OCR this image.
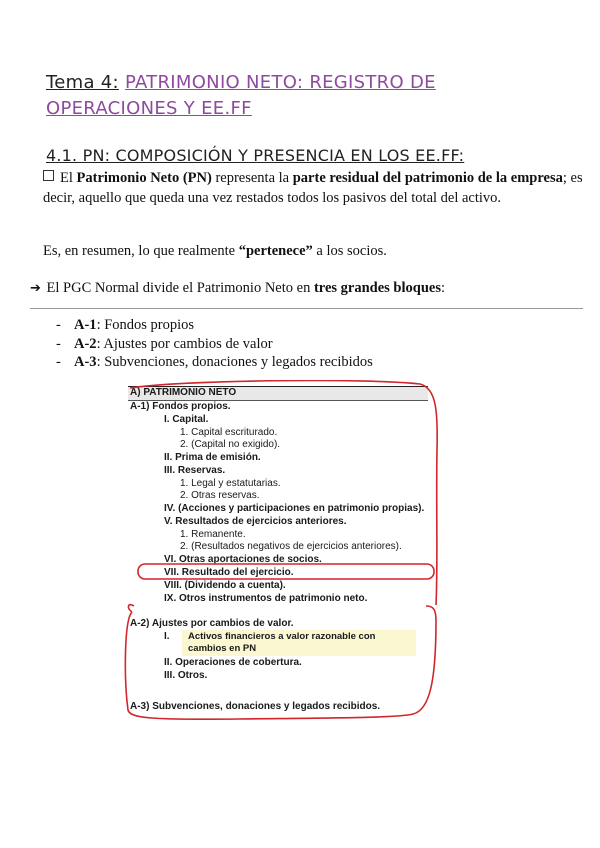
Tema 4: PATRIMONIO NETO: REGISTRO DE
OPERACIONES Y EE.FF
4.1. PN: COMPOSICIÓN Y PRESENCIA EN LOS EE.FF:
El Patrimonio Neto (PN) representa la parte residual del patrimonio de la empresa; es decir, aquello que queda una vez restados todos los pasivos del total del activo.
Es, en resumen, lo que realmente “pertenece” a los socios.
➔ El PGC Normal divide el Patrimonio Neto en tres grandes bloques:
- A-1: Fondos propios
- A-2: Ajustes por cambios de valor
- A-3: Subvenciones, donaciones y legados recibidos
A) PATRIMONIO NETO
A-1) Fondos propios.
I. Capital.
1. Capital escriturado.
2. (Capital no exigido).
II. Prima de emisión.
III. Reservas.
1. Legal y estatutarias.
2. Otras reservas.
IV. (Acciones y participaciones en patrimonio propias).
V. Resultados de ejercicios anteriores.
1. Remanente.
2. (Resultados negativos de ejercicios anteriores).
VI. Otras aportaciones de socios.
VII. Resultado del ejercicio.
VIII. (Dividendo a cuenta).
IX. Otros instrumentos de patrimonio neto.
A-2) Ajustes por cambios de valor.
I. Activos financieros a valor razonable con
cambios en PN
II. Operaciones de cobertura.
III. Otros.
A-3) Subvenciones, donaciones y legados recibidos.
